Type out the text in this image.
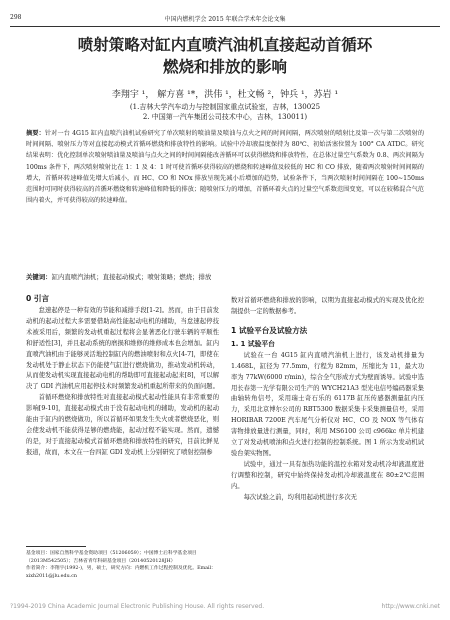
298	中国内燃机学会 2015 年联合学术年会论文集
喷射策略对缸内直喷汽油机直接起动首循环
燃烧和排放的影响
李翔宇 ¹， 解方喜 ¹*，洪伟 ¹，杜文畅 ²，钟兵 ¹，苏岩 ¹
(1.吉林大学汽车动力与控制国家重点试验室，吉林，130025
2. 中国第一汽车集团公司技术中心，吉林，130011)
摘要：针对一台 4G15 缸内直喷汽油机试验研究了单次喷射的喷油量及喷油与点火之间的时间间隔，两次喷射的喷射比及第一次与第二次喷射的时间间隔、喷射压力等对直接起动模式首循环燃烧和排放特性的影响。试验中冷却液温度保持为 80℃、初始活塞位置为 100° CA ATDC。研究结果表明：优化控制单次喷射喷油量及喷油与点火之间的时间间隔能改善循环可以获得燃烧和排放特性，在总体过量空气系数为 0.8、两次间隔为 100ms 条件下，两次喷射喷射比在 1：1 及 4：1 时可使首循环获得较高的燃烧和转速峰值及较低的 HC 和 CO 排放，随着两次喷射时间间隔的增大，首循环转速峰值先增大后减小，而 HC、CO 和 NOx 排放呈现先减小后增加的趋势，试验条件下，当两次喷射时间间隔在 100~150ms 范围时可同时获得较高的首循环燃烧和转速峰值和降低的排放；随喷射压力的增加，首循环着火点的过量空气系数范围变宽，可以在较稀混合气范围内着火，并可获得较高的转速峰值。
关键词：缸内直喷汽油机；直接起动模式；喷射策略；燃烧；排放
0 引言

怠速起停是一种有效的节能和减排手段[1-2]。然而，由于目前发动机的起动过程大多需要借助高性能起动电机的辅助，当怠速起停技术被采用后，频繁的发动机重起过程将会显著恶化行驶车辆的平顺性和舒适性[3]，并且起动系统的磨损和维修的维修成本也会增加。缸内直喷汽油机由于能够灵活地控制缸内的燃油喷射和点火[4-7]，即使在发动机处于静止状态下仍能使气缸进行燃烧做功，推动发动机转动，从而使发动机实现直接起动电机的帮助即可直接起动起来[8]，可以解决了 GDI 汽油机应用起停技术时频繁发动机重起所带来的负面问题。

首循环燃烧和排放特性对直接起动模式起动性能具有非常重要的影响[9-10]，直接起动模式由于没有起动电机的辅助，发动机的起动能由于缸内的燃烧做功，所以首循环如果发生失火或者燃烧恶化，则会使发动机不能获得足够的燃烧能，起动过程不能实现。然而，遗憾的是，对于直接起动模式首循环燃烧和排放特性的研究，目前比鲜见报道，故而，本文在一台四缸 GDI 发动机上分别研究了喷射控制参

数对首循环燃烧和排放的影响，以期为直接起动模式的实现及优化控制提供一定的数据参考。

1 试验平台及试验方法
1. 1 试验平台

试验在一台 4G15 缸内直喷汽油机上进行，该发动机排量为 1.468L，缸径为 77.5mm，行程为 82mm，压缩比为 11，最大功率为 77kW(6000 r/min)，综合全气形成方式为壁面诱导。试验中选用长春第一光学有限公司生产的 WYCH21A3 型光电信号编码器采集曲轴转角信号，采用瑞士奇石乐的 6117B 缸压传感器测量缸内压力，采用北京博尔公司的 RBT5300 数据采集卡采集测量信号，采用 HORIBAR 7200E 汽车尾气分析仪对 HC、CO 及 NOX 等气体有害物排放量进行测量，同时，利用 MS6100 公司 c966kc 单片机建立了对发动机喷油和点火进行控制的控制系统。图 1 所示为发动机试验台架实物图。

试验中，通过一具有加热功能的温控水箱对发动机冷却液温度进行调整和控制，研究中始终保持发动机冷却液温度在 80±2℃范围内。

每次试验之前，均利用起动机进行多次无

基金项目：国家自然科学基金资助项目（51206059）；中国博士后科学基金项目（2013M542505）；吉林省青年科研基金项目（20140520128JH）
作者简介：李翔宇(1992-)，男，硕士，研究方向：内燃机工作过程控制及优化。Email：xixh2011@jlu.edu.cn
?1994-2019 China Academic Journal Electronic Publishing House. All rights reserved.	http://www.cnki.net
